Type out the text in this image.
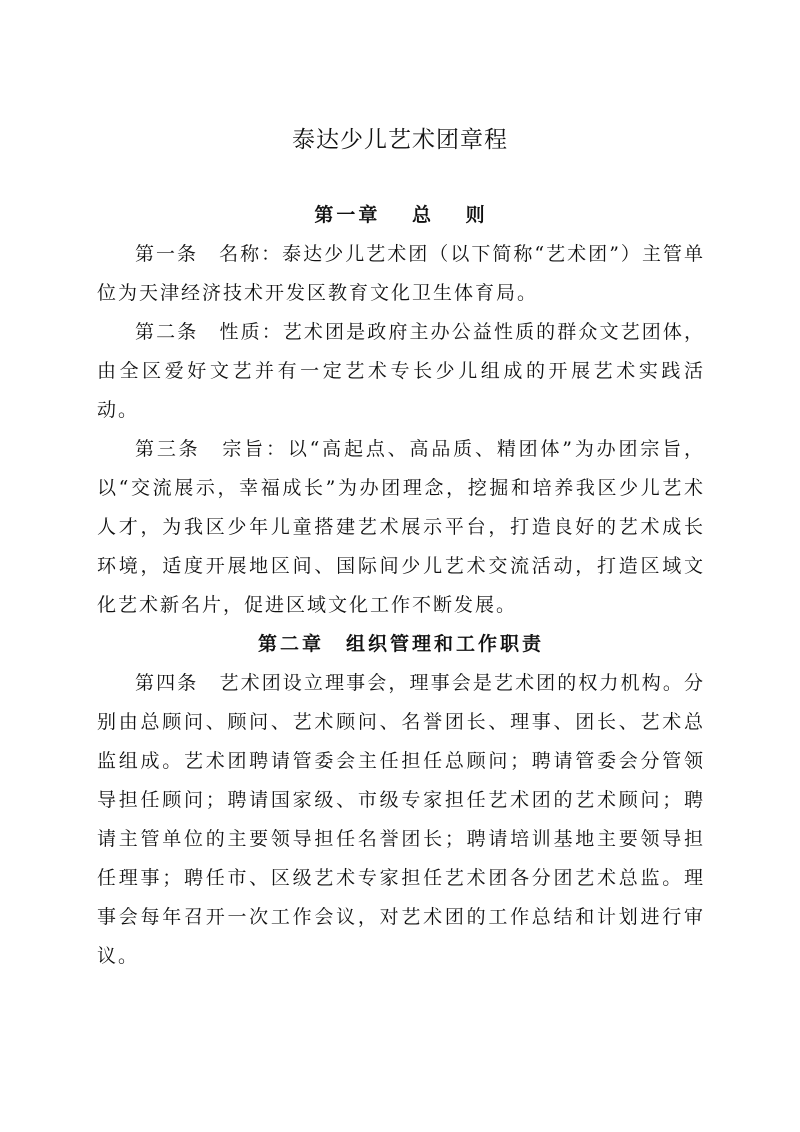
泰达少儿艺术团章程
第一章　 总　 则

第一条　名称：泰达少儿艺术团（以下简称“艺术团”）主管单位为天津经济技术开发区教育文化卫生体育局。

第二条　性质：艺术团是政府主办公益性质的群众文艺团体，由全区爱好文艺并有一定艺术专长少儿组成的开展艺术实践活动。

第三条　宗旨：以“高起点、高品质、精团体”为办团宗旨，以“交流展示，幸福成长”为办团理念，挖掘和培养我区少儿艺术人才，为我区少年儿童搭建艺术展示平台，打造良好的艺术成长环境，适度开展地区间、国际间少儿艺术交流活动，打造区域文化艺术新名片，促进区域文化工作不断发展。

第二章　组织管理和工作职责

第四条　艺术团设立理事会，理事会是艺术团的权力机构。分别由总顾问、顾问、艺术顾问、名誉团长、理事、团长、艺术总监组成。艺术团聘请管委会主任担任总顾问；聘请管委会分管领导担任顾问；聘请国家级、市级专家担任艺术团的艺术顾问；聘请主管单位的主要领导担任名誉团长；聘请培训基地主要领导担任理事；聘任市、区级艺术专家担任艺术团各分团艺术总监。理事会每年召开一次工作会议，对艺术团的工作总结和计划进行审议。
